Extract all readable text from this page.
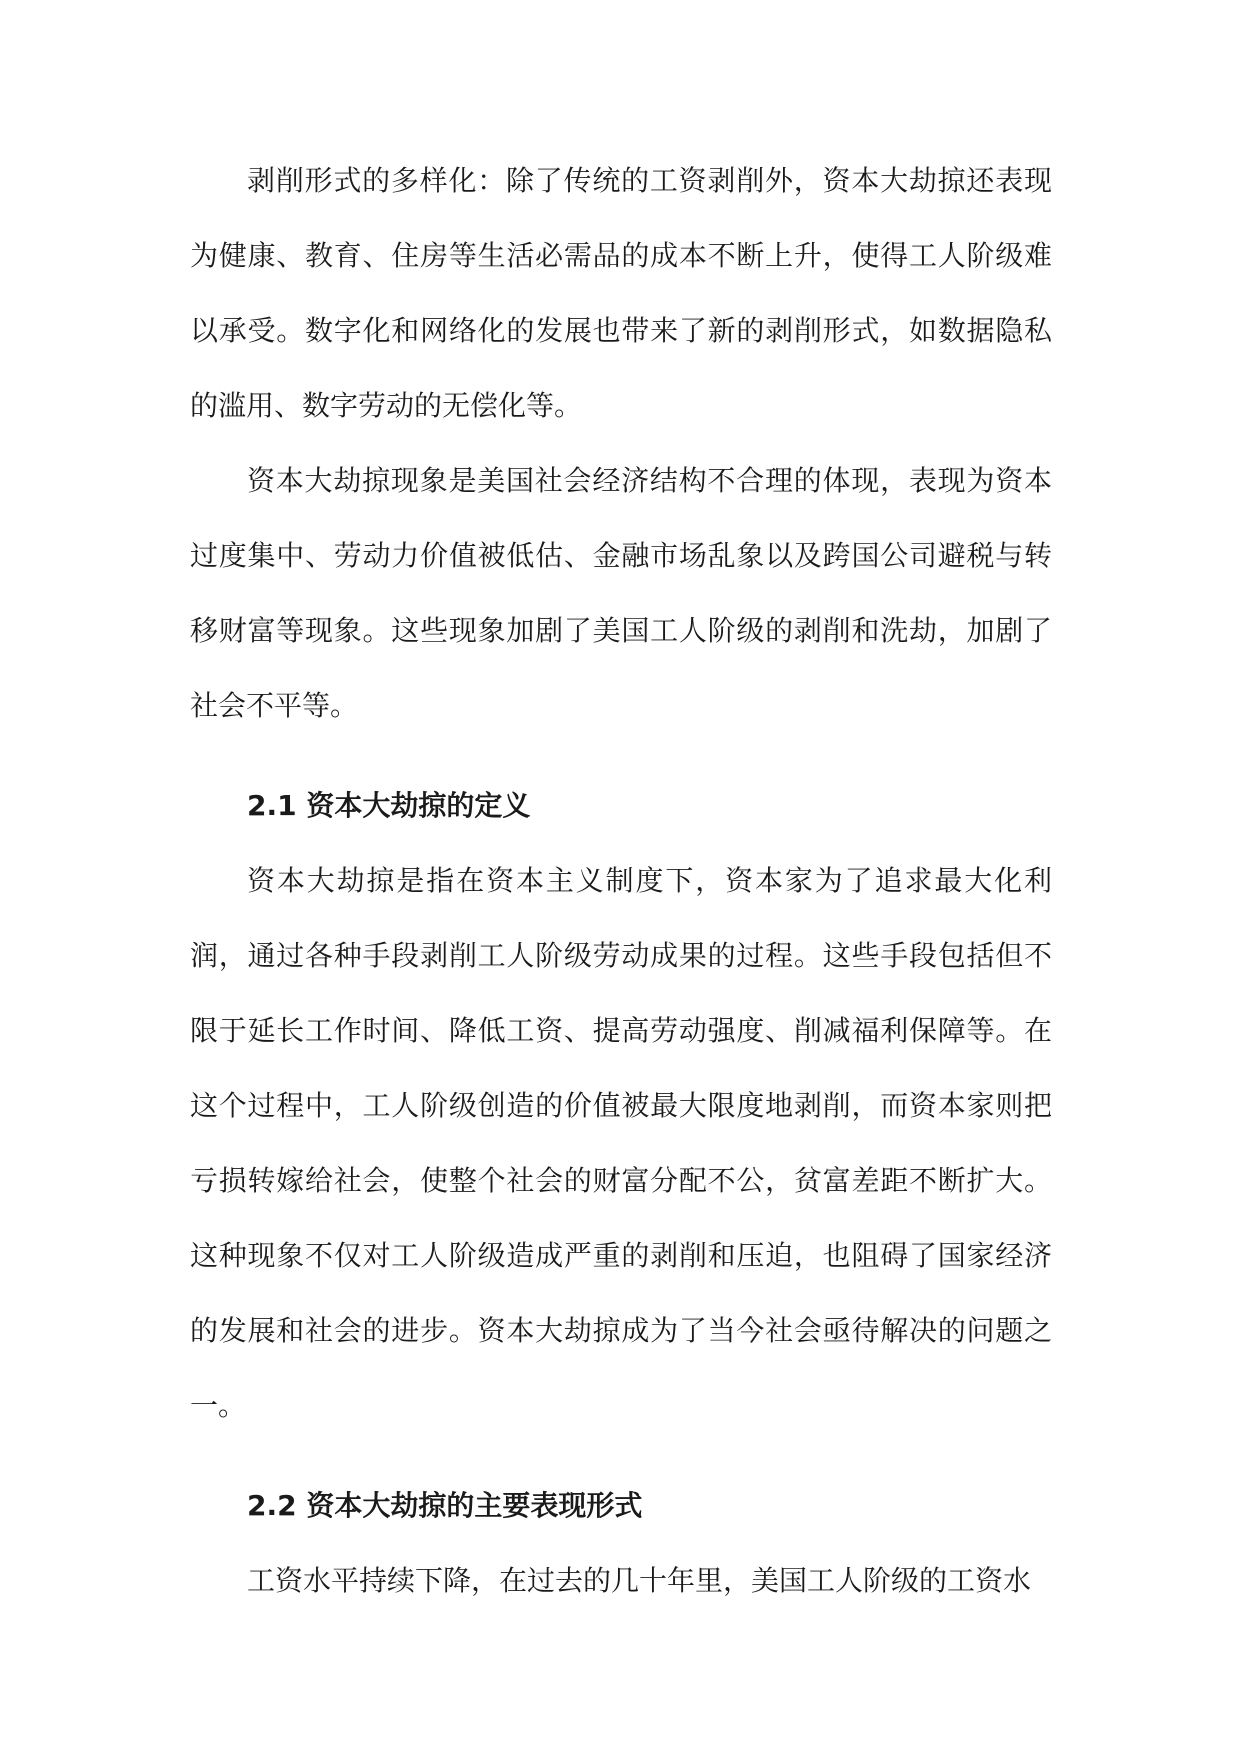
剥削形式的多样化：除了传统的工资剥削外，资本大劫掠还表现为健康、教育、住房等生活必需品的成本不断上升，使得工人阶级难以承受。数字化和网络化的发展也带来了新的剥削形式，如数据隐私的滥用、数字劳动的无偿化等。

资本大劫掠现象是美国社会经济结构不合理的体现，表现为资本过度集中、劳动力价值被低估、金融市场乱象以及跨国公司避税与转移财富等现象。这些现象加剧了美国工人阶级的剥削和洗劫，加剧了社会不平等。

2.1 资本大劫掠的定义

资本大劫掠是指在资本主义制度下，资本家为了追求最大化利润，通过各种手段剥削工人阶级劳动成果的过程。这些手段包括但不限于延长工作时间、降低工资、提高劳动强度、削减福利保障等。在这个过程中，工人阶级创造的价值被最大限度地剥削，而资本家则把亏损转嫁给社会，使整个社会的财富分配不公，贫富差距不断扩大。这种现象不仅对工人阶级造成严重的剥削和压迫，也阻碍了国家经济的发展和社会的进步。资本大劫掠成为了当今社会亟待解决的问题之一。

2.2 资本大劫掠的主要表现形式

工资水平持续下降，在过去的几十年里，美国工人阶级的工资水
